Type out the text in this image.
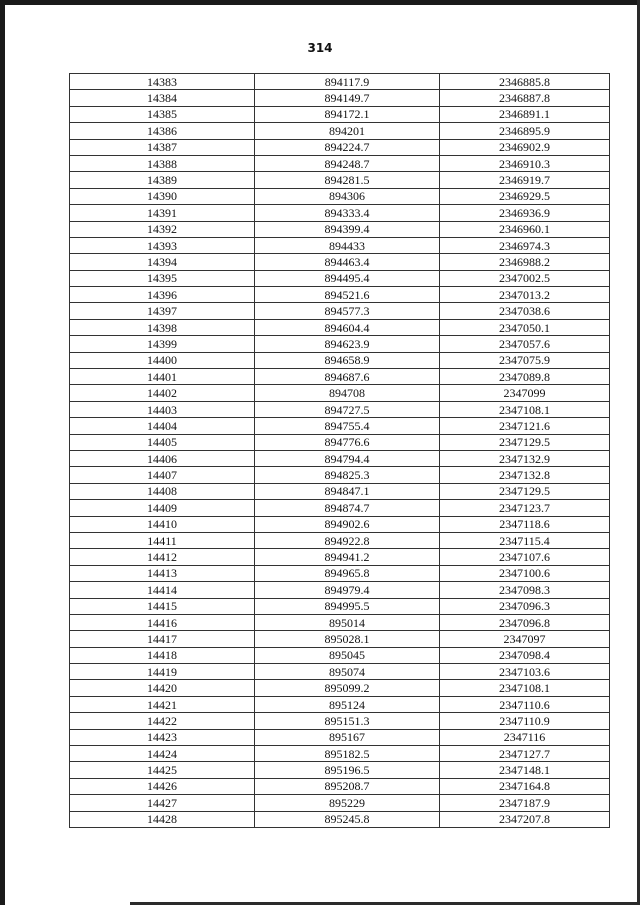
314
14383	894117.9	2346885.8
14384	894149.7	2346887.8
14385	894172.1	2346891.1
14386	894201	2346895.9
14387	894224.7	2346902.9
14388	894248.7	2346910.3
14389	894281.5	2346919.7
14390	894306	2346929.5
14391	894333.4	2346936.9
14392	894399.4	2346960.1
14393	894433	2346974.3
14394	894463.4	2346988.2
14395	894495.4	2347002.5
14396	894521.6	2347013.2
14397	894577.3	2347038.6
14398	894604.4	2347050.1
14399	894623.9	2347057.6
14400	894658.9	2347075.9
14401	894687.6	2347089.8
14402	894708	2347099
14403	894727.5	2347108.1
14404	894755.4	2347121.6
14405	894776.6	2347129.5
14406	894794.4	2347132.9
14407	894825.3	2347132.8
14408	894847.1	2347129.5
14409	894874.7	2347123.7
14410	894902.6	2347118.6
14411	894922.8	2347115.4
14412	894941.2	2347107.6
14413	894965.8	2347100.6
14414	894979.4	2347098.3
14415	894995.5	2347096.3
14416	895014	2347096.8
14417	895028.1	2347097
14418	895045	2347098.4
14419	895074	2347103.6
14420	895099.2	2347108.1
14421	895124	2347110.6
14422	895151.3	2347110.9
14423	895167	2347116
14424	895182.5	2347127.7
14425	895196.5	2347148.1
14426	895208.7	2347164.8
14427	895229	2347187.9
14428	895245.8	2347207.8
